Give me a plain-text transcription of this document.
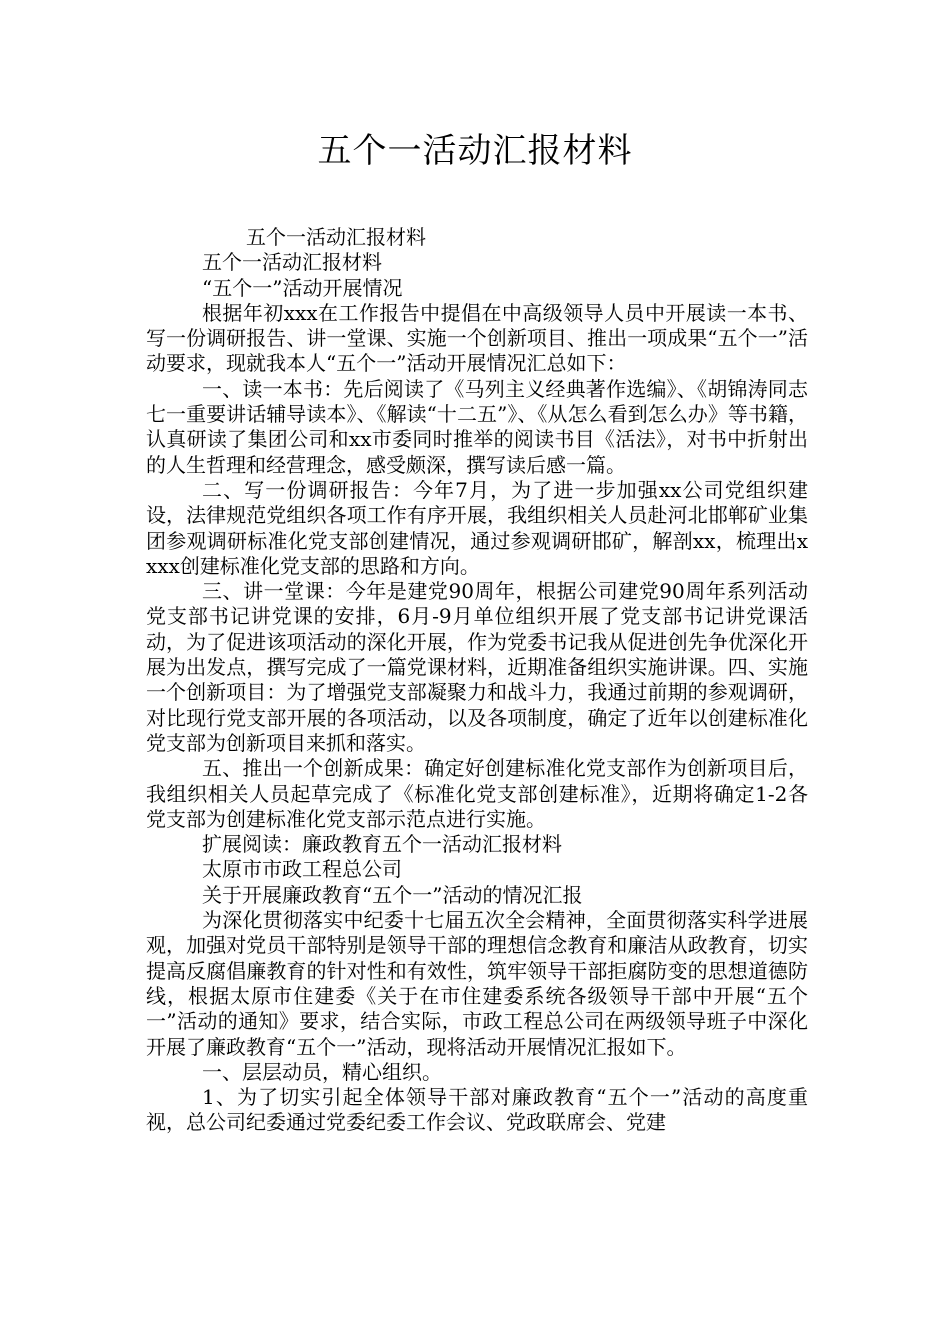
五个一活动汇报材料

五个一活动汇报材料

五个一活动汇报材料

“五个一”活动开展情况

根据年初xxx在工作报告中提倡在中高级领导人员中开展读一本书、写一份调研报告、讲一堂课、实施一个创新项目、推出一项成果“五个一”活动要求，现就我本人“五个一”活动开展情况汇总如下：

一、读一本书：先后阅读了《马列主义经典著作选编》、《胡锦涛同志七一重要讲话辅导读本》、《解读“十二五”》、《从怎么看到怎么办》等书籍，认真研读了集团公司和xx市委同时推举的阅读书目《活法》，对书中折射出的人生哲理和经营理念，感受颇深，撰写读后感一篇。

二、写一份调研报告：今年7月，为了进一步加强xx公司党组织建设，法律规范党组织各项工作有序开展，我组织相关人员赴河北邯郸矿业集团参观调研标准化党支部创建情况，通过参观调研邯矿，解剖xx，梳理出xxxx创建标准化党支部的思路和方向。

三、讲一堂课：今年是建党90周年，根据公司建党90周年系列活动党支部书记讲党课的安排，6月-9月单位组织开展了党支部书记讲党课活动，为了促进该项活动的深化开展，作为党委书记我从促进创先争优深化开展为出发点，撰写完成了一篇党课材料，近期准备组织实施讲课。四、实施一个创新项目：为了增强党支部凝聚力和战斗力，我通过前期的参观调研，对比现行党支部开展的各项活动，以及各项制度，确定了近年以创建标准化党支部为创新项目来抓和落实。

五、推出一个创新成果：确定好创建标准化党支部作为创新项目后，我组织相关人员起草完成了《标准化党支部创建标准》，近期将确定1-2各党支部为创建标准化党支部示范点进行实施。

扩展阅读：廉政教育五个一活动汇报材料

太原市市政工程总公司

关于开展廉政教育“五个一”活动的情况汇报

为深化贯彻落实中纪委十七届五次全会精神，全面贯彻落实科学进展观，加强对党员干部特别是领导干部的理想信念教育和廉洁从政教育，切实提高反腐倡廉教育的针对性和有效性，筑牢领导干部拒腐防变的思想道德防线，根据太原市住建委《关于在市住建委系统各级领导干部中开展“五个一”活动的通知》要求，结合实际，市政工程总公司在两级领导班子中深化开展了廉政教育“五个一”活动，现将活动开展情况汇报如下。

一、层层动员，精心组织。

1、为了切实引起全体领导干部对廉政教育“五个一”活动的高度重视，总公司纪委通过党委纪委工作会议、党政联席会、党建
